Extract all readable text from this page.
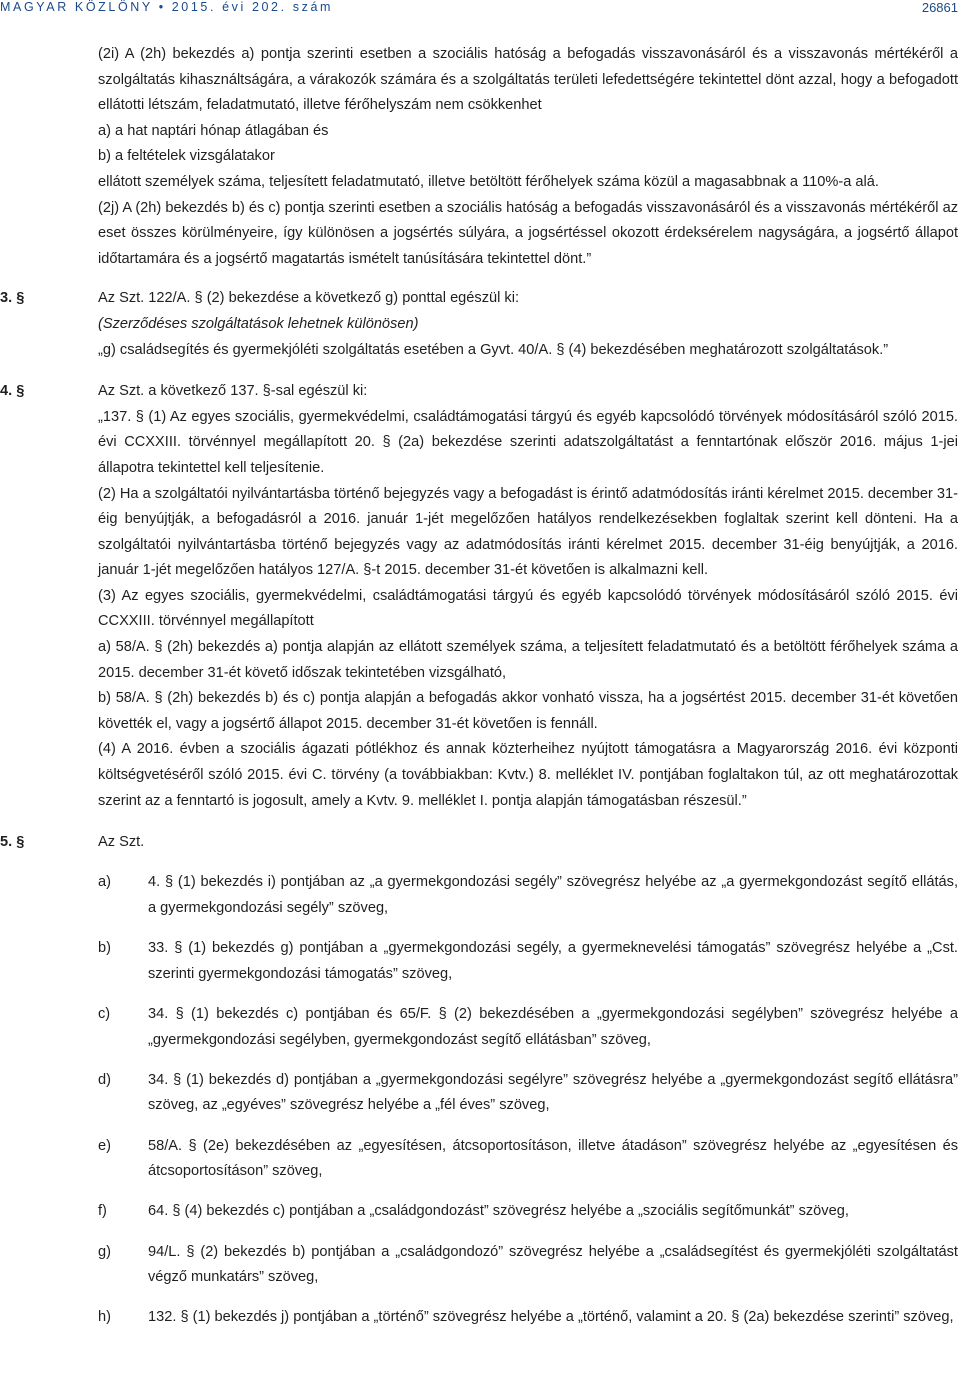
MAGYAR KÖZLÖNY • 2015. évi 202. szám	26861

(2i) A (2h) bekezdés a) pontja szerinti esetben a szociális hatóság a befogadás visszavonásáról és a visszavonás mértékéről a szolgáltatás kihasználtságára, a várakozók számára és a szolgáltatás területi lefedettségére tekintettel dönt azzal, hogy a befogadott ellátotti létszám, feladatmutató, illetve férőhelyszám nem csökkenhet

a) a hat naptári hónap átlagában és

b) a feltételek vizsgálatakor

ellátott személyek száma, teljesített feladatmutató, illetve betöltött férőhelyek száma közül a magasabbnak a 110%-a alá.

(2j) A (2h) bekezdés b) és c) pontja szerinti esetben a szociális hatóság a befogadás visszavonásáról és a visszavonás mértékéről az eset összes körülményeire, így különösen a jogsértés súlyára, a jogsértéssel okozott érdeksérelem nagyságára, a jogsértő állapot időtartamára és a jogsértő magatartás ismételt tanúsítására tekintettel dönt.”

3. §	Az Szt. 122/A. § (2) bekezdése a következő g) ponttal egészül ki:

(Szerződéses szolgáltatások lehetnek különösen)

„g) családsegítés és gyermekjóléti szolgáltatás esetében a Gyvt. 40/A. § (4) bekezdésében meghatározott szolgáltatások.”

4. §	Az Szt. a következő 137. §-sal egészül ki:

„137. § (1) Az egyes szociális, gyermekvédelmi, családtámogatási tárgyú és egyéb kapcsolódó törvények módosításáról szóló 2015. évi CCXXIII. törvénnyel megállapított 20. § (2a) bekezdése szerinti adatszolgáltatást a fenntartónak először 2016. május 1-jei állapotra tekintettel kell teljesítenie.

(2) Ha a szolgáltatói nyilvántartásba történő bejegyzés vagy a befogadást is érintő adatmódosítás iránti kérelmet 2015. december 31-éig benyújtják, a befogadásról a 2016. január 1-jét megelőzően hatályos rendelkezésekben foglaltak szerint kell dönteni. Ha a szolgáltatói nyilvántartásba történő bejegyzés vagy az adatmódosítás iránti kérelmet 2015. december 31-éig benyújtják, a 2016. január 1-jét megelőzően hatályos 127/A. §-t 2015. december 31-ét követően is alkalmazni kell.

(3) Az egyes szociális, gyermekvédelmi, családtámogatási tárgyú és egyéb kapcsolódó törvények módosításáról szóló 2015. évi CCXXIII. törvénnyel megállapított

a) 58/A. § (2h) bekezdés a) pontja alapján az ellátott személyek száma, a teljesített feladatmutató és a betöltött férőhelyek száma a 2015. december 31-ét követő időszak tekintetében vizsgálható,

b) 58/A. § (2h) bekezdés b) és c) pontja alapján a befogadás akkor vonható vissza, ha a jogsértést 2015. december 31-ét követően követték el, vagy a jogsértő állapot 2015. december 31-ét követően is fennáll.

(4) A 2016. évben a szociális ágazati pótlékhoz és annak közterheihez nyújtott támogatásra a Magyarország 2016. évi központi költségvetéséről szóló 2015. évi C. törvény (a továbbiakban: Kvtv.) 8. melléklet IV. pontjában foglaltakon túl, az ott meghatározottak szerint az a fenntartó is jogosult, amely a Kvtv. 9. melléklet I. pontja alapján támogatásban részesül.”

5. §	Az Szt.

a)	4. § (1) bekezdés i) pontjában az „a gyermekgondozási segély” szövegrész helyébe az „a gyermekgondozást segítő ellátás, a gyermekgondozási segély” szöveg,

b)	33. § (1) bekezdés g) pontjában a „gyermekgondozási segély, a gyermeknevelési támogatás” szövegrész helyébe a „Cst. szerinti gyermekgondozási támogatás” szöveg,

c)	34. § (1) bekezdés c) pontjában és 65/F. § (2) bekezdésében a „gyermekgondozási segélyben” szövegrész helyébe a „gyermekgondozási segélyben, gyermekgondozást segítő ellátásban” szöveg,

d)	34. § (1) bekezdés d) pontjában a „gyermekgondozási segélyre” szövegrész helyébe a „gyermekgondozást segítő ellátásra” szöveg, az „egyéves” szövegrész helyébe a „fél éves” szöveg,

e)	58/A. § (2e) bekezdésében az „egyesítésen, átcsoportosításon, illetve átadáson” szövegrész helyébe az „egyesítésen és átcsoportosításon” szöveg,

f)	64. § (4) bekezdés c) pontjában a „családgondozást” szövegrész helyébe a „szociális segítőmunkát” szöveg,

g)	94/L. § (2) bekezdés b) pontjában a „családgondozó” szövegrész helyébe a „családsegítést és gyermekjóléti szolgáltatást végző munkatárs” szöveg,

h)	132. § (1) bekezdés j) pontjában a „történő” szövegrész helyébe a „történő, valamint a 20. § (2a) bekezdése szerinti” szöveg,
